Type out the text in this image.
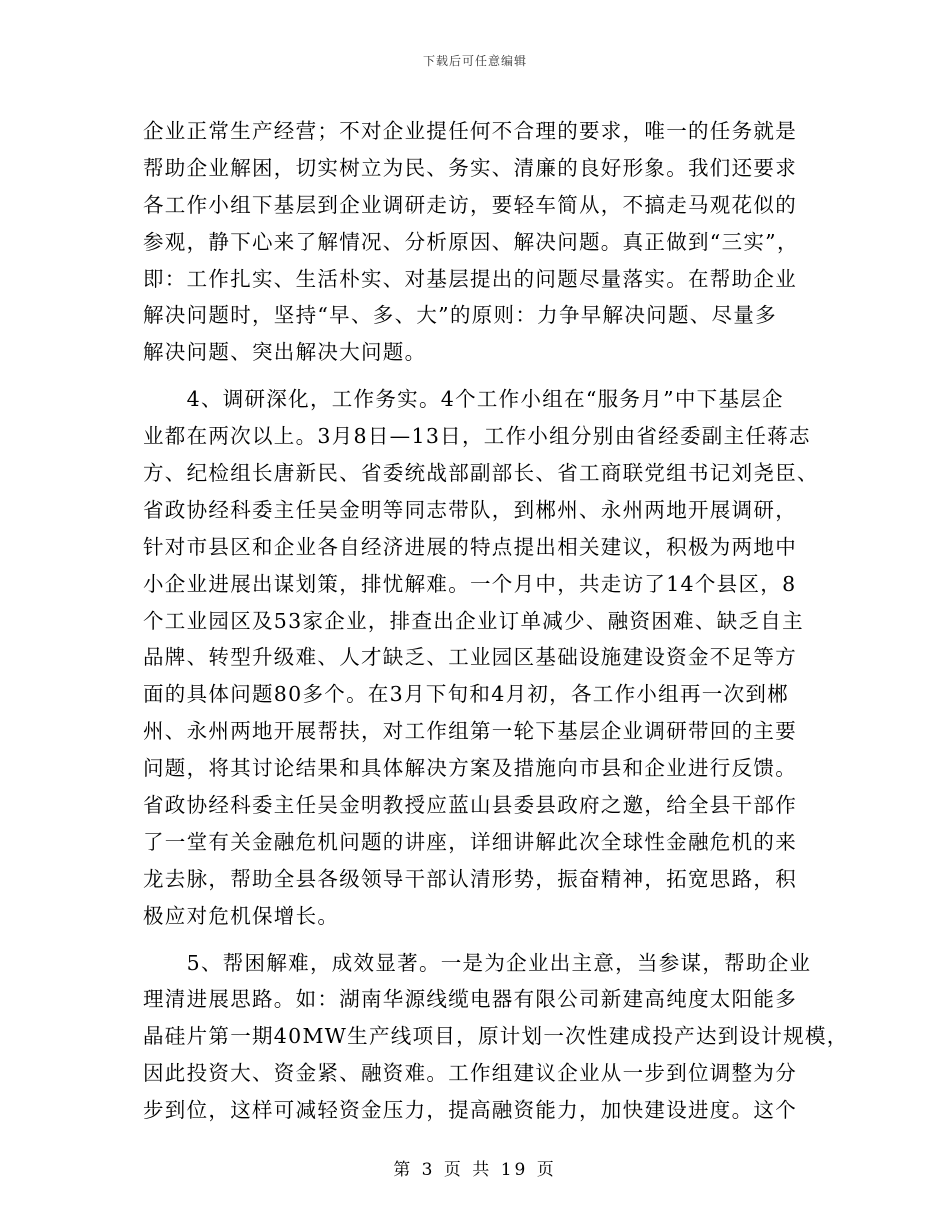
下载后可任意编辑
企业正常生产经营；不对企业提任何不合理的要求，唯一的任务就是
帮助企业解困，切实树立为民、务实、清廉的良好形象。我们还要求
各工作小组下基层到企业调研走访，要轻车简从，不搞走马观花似的
参观，静下心来了解情况、分析原因、解决问题。真正做到“三实”，
即：工作扎实、生活朴实、对基层提出的问题尽量落实。在帮助企业
解决问题时，坚持“早、多、大”的原则：力争早解决问题、尽量多
解决问题、突出解决大问题。
　　4、调研深化，工作务实。4个工作小组在“服务月”中下基层企
业都在两次以上。3月8日—13日，工作小组分别由省经委副主任蒋志
方、纪检组长唐新民、省委统战部副部长、省工商联党组书记刘尧臣、
省政协经科委主任吴金明等同志带队，到郴州、永州两地开展调研，
针对市县区和企业各自经济进展的特点提出相关建议，积极为两地中
小企业进展出谋划策，排忧解难。一个月中，共走访了14个县区，8
个工业园区及53家企业，排查出企业订单减少、融资困难、缺乏自主
品牌、转型升级难、人才缺乏、工业园区基础设施建设资金不足等方
面的具体问题80多个。在3月下旬和4月初，各工作小组再一次到郴
州、永州两地开展帮扶，对工作组第一轮下基层企业调研带回的主要
问题，将其讨论结果和具体解决方案及措施向市县和企业进行反馈。
省政协经科委主任吴金明教授应蓝山县委县政府之邀，给全县干部作
了一堂有关金融危机问题的讲座，详细讲解此次全球性金融危机的来
龙去脉，帮助全县各级领导干部认清形势，振奋精神，拓宽思路，积
极应对危机保增长。
　　5、帮困解难，成效显著。一是为企业出主意，当参谋，帮助企业
理清进展思路。如：湖南华源线缆电器有限公司新建高纯度太阳能多
晶硅片第一期40MW生产线项目，原计划一次性建成投产达到设计规模，
因此投资大、资金紧、融资难。工作组建议企业从一步到位调整为分
步到位，这样可减轻资金压力，提高融资能力，加快建设进度。这个
第 3 页 共 19 页
